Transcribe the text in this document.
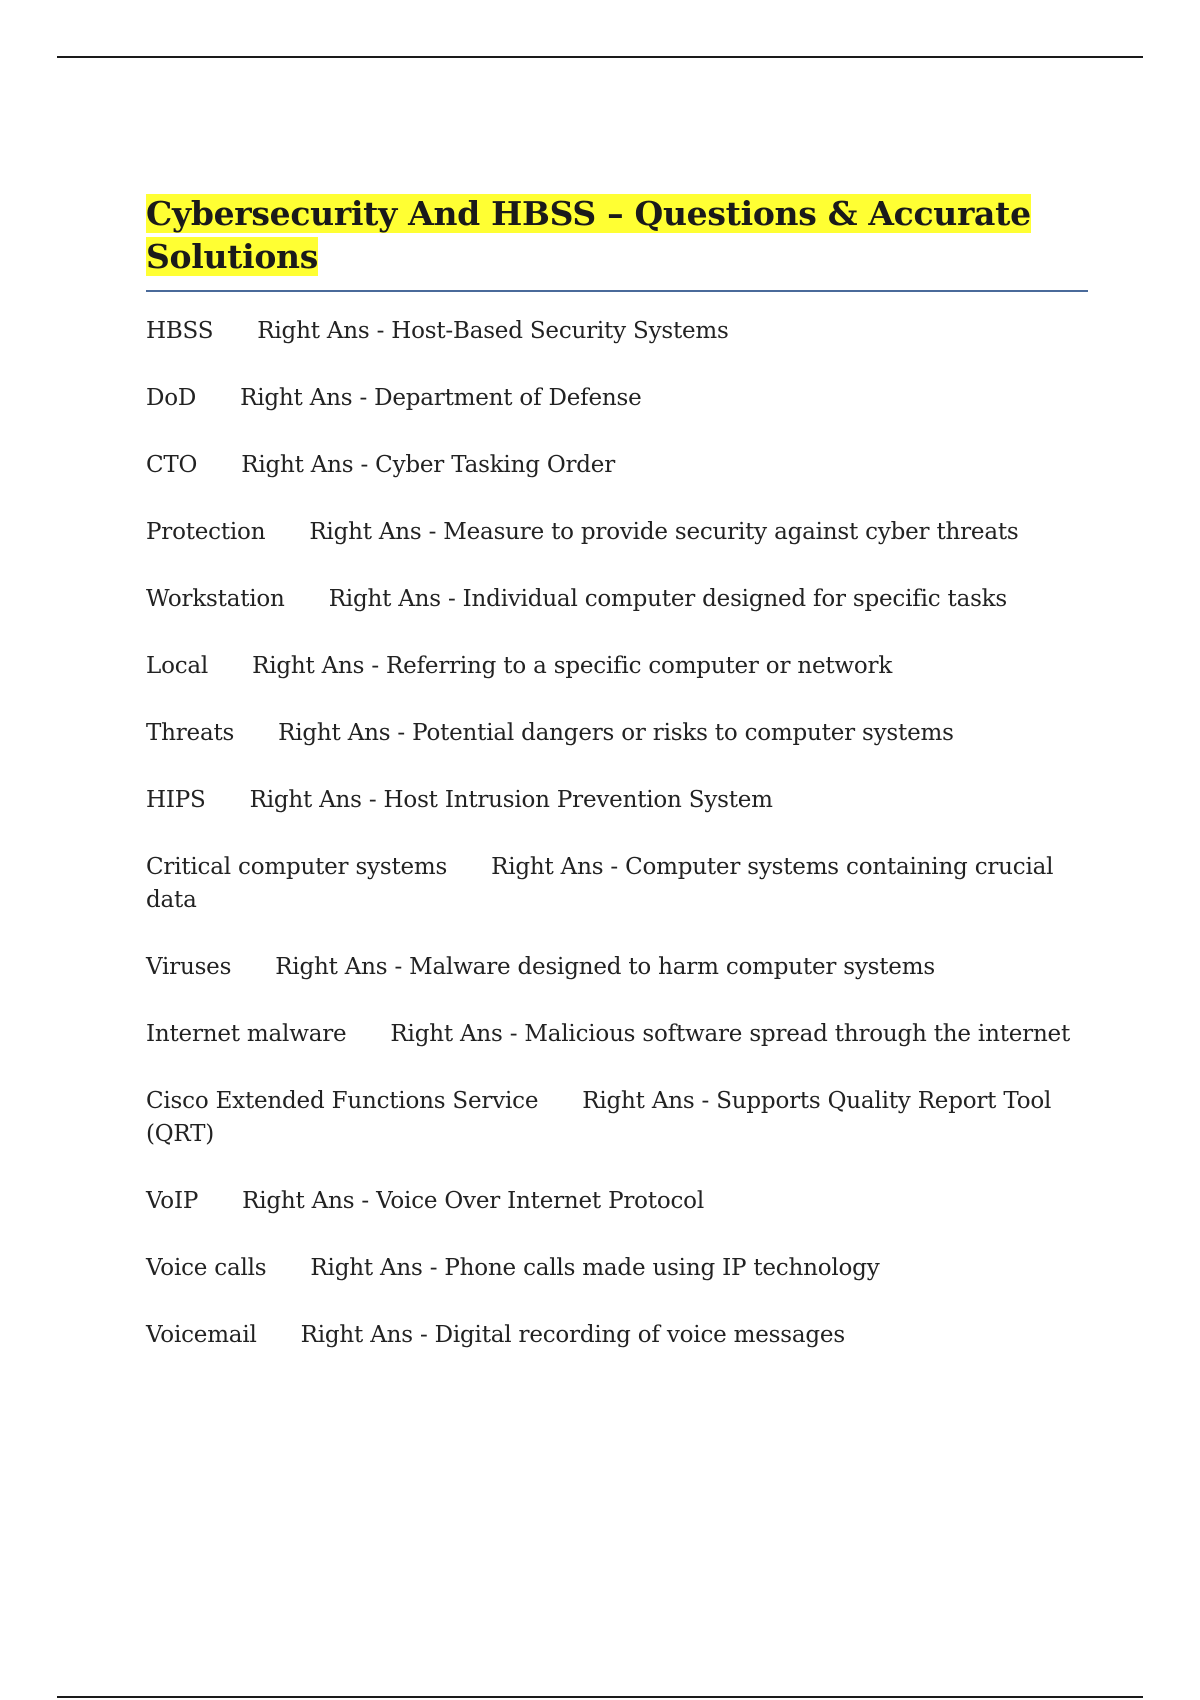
Cybersecurity And HBSS – Questions & Accurate Solutions
HBSS Right Ans - Host-Based Security Systems
DoD Right Ans - Department of Defense
CTO Right Ans - Cyber Tasking Order
Protection Right Ans - Measure to provide security against cyber threats
Workstation Right Ans - Individual computer designed for specific tasks
Local Right Ans - Referring to a specific computer or network
Threats Right Ans - Potential dangers or risks to computer systems
HIPS Right Ans - Host Intrusion Prevention System
Critical computer systems Right Ans - Computer systems containing crucial data
Viruses Right Ans - Malware designed to harm computer systems
Internet malware Right Ans - Malicious software spread through the internet
Cisco Extended Functions Service Right Ans - Supports Quality Report Tool (QRT)
VoIP Right Ans - Voice Over Internet Protocol
Voice calls Right Ans - Phone calls made using IP technology
Voicemail Right Ans - Digital recording of voice messages
